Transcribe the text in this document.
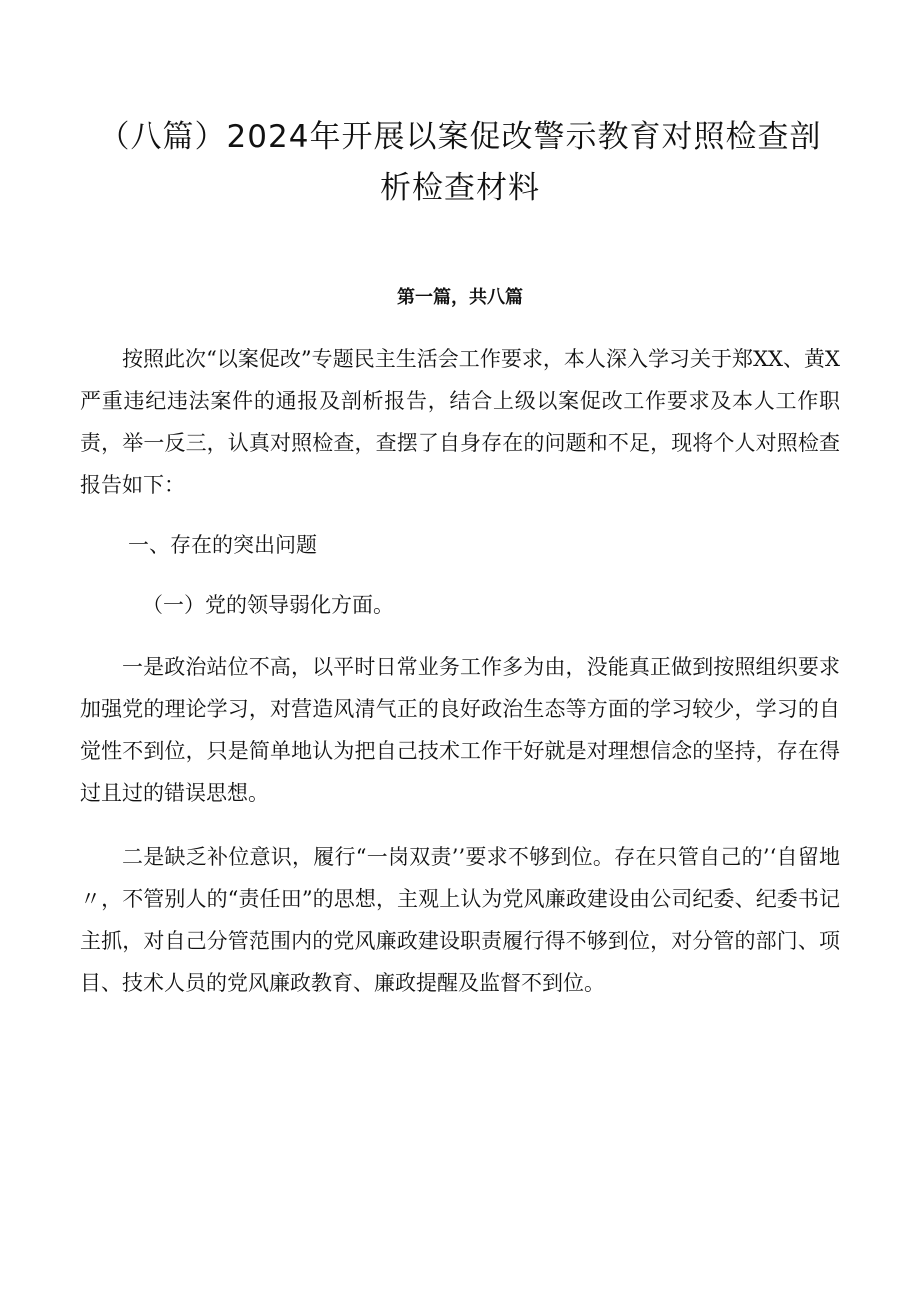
（八篇）2024年开展以案促改警示教育对照检查剖
析检查材料
第一篇，共八篇

按照此次“以案促改”专题民主生活会工作要求，本人深入学习关于郑XX、黄X严重违纪违法案件的通报及剖析报告，结合上级以案促改工作要求及本人工作职责，举一反三，认真对照检查，查摆了自身存在的问题和不足，现将个人对照检查报告如下：

一、存在的突出问题

（一）党的领导弱化方面。

一是政治站位不高，以平时日常业务工作多为由，没能真正做到按照组织要求加强党的理论学习，对营造风清气正的良好政治生态等方面的学习较少，学习的自觉性不到位，只是简单地认为把自己技术工作干好就是对理想信念的坚持，存在得过且过的错误思想。

二是缺乏补位意识，履行“一岗双责’’要求不够到位。存在只管自己的’‘自留地〃，不管别人的“责任田”的思想，主观上认为党风廉政建设由公司纪委、纪委书记主抓，对自己分管范围内的党风廉政建设职责履行得不够到位，对分管的部门、项目、技术人员的党风廉政教育、廉政提醒及监督不到位。
